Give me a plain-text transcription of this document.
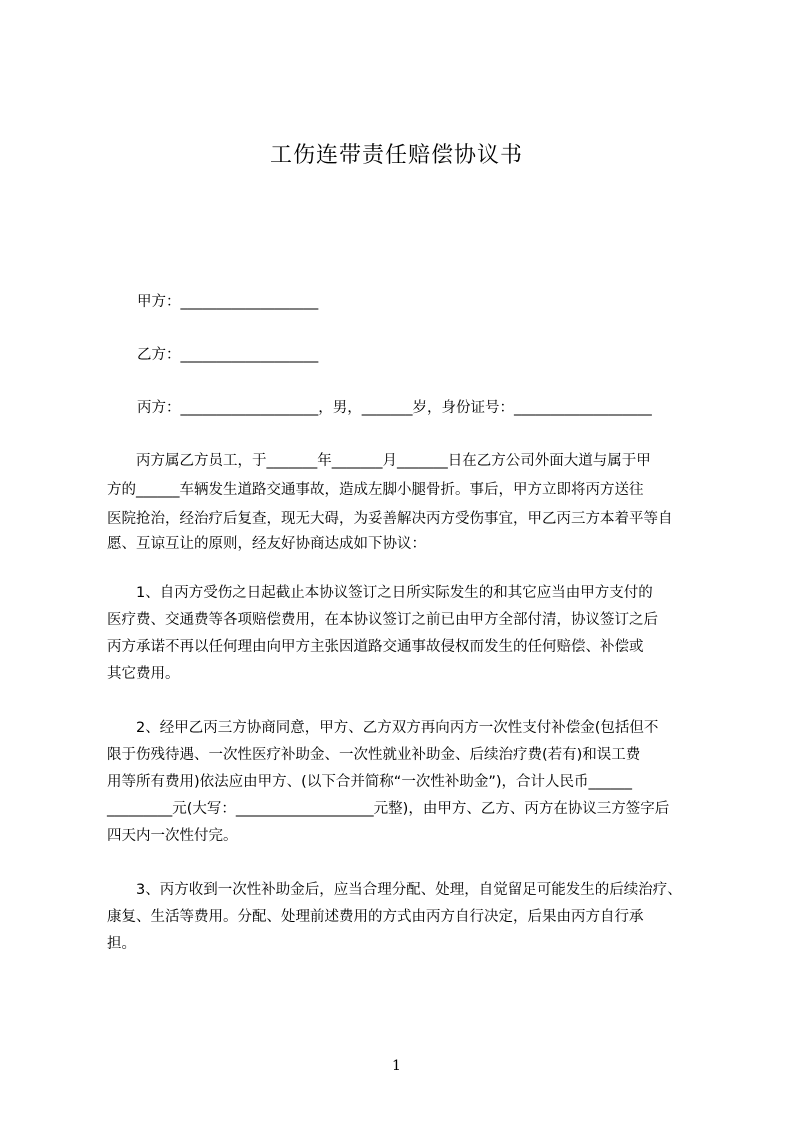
工伤连带责任赔偿协议书
甲方：___________________
乙方：___________________
丙方：___________________，男，_______岁，身份证号：___________________
　　丙方属乙方员工，于_______年_______月_______日在乙方公司外面大道与属于甲
方的______车辆发生道路交通事故，造成左脚小腿骨折。事后，甲方立即将丙方送往
医院抢治，经治疗后复查，现无大碍，为妥善解决丙方受伤事宜，甲乙丙三方本着平等自
愿、互谅互让的原则，经友好协商达成如下协议：
　　1、自丙方受伤之日起截止本协议签订之日所实际发生的和其它应当由甲方支付的
医疗费、交通费等各项赔偿费用，在本协议签订之前已由甲方全部付清，协议签订之后
丙方承诺不再以任何理由向甲方主张因道路交通事故侵权而发生的任何赔偿、补偿或
其它费用。
　　2、经甲乙丙三方协商同意，甲方、乙方双方再向丙方一次性支付补偿金(包括但不
限于伤残待遇、一次性医疗补助金、一次性就业补助金、后续治疗费(若有)和误工费
用等所有费用)依法应由甲方、(以下合并简称“一次性补助金”)，合计人民币______
_________元(大写：___________________元整)，由甲方、乙方、丙方在协议三方签字后
四天内一次性付完。
　　3、丙方收到一次性补助金后，应当合理分配、处理，自觉留足可能发生的后续治疗、
康复、生活等费用。分配、处理前述费用的方式由丙方自行决定，后果由丙方自行承
担。
1
